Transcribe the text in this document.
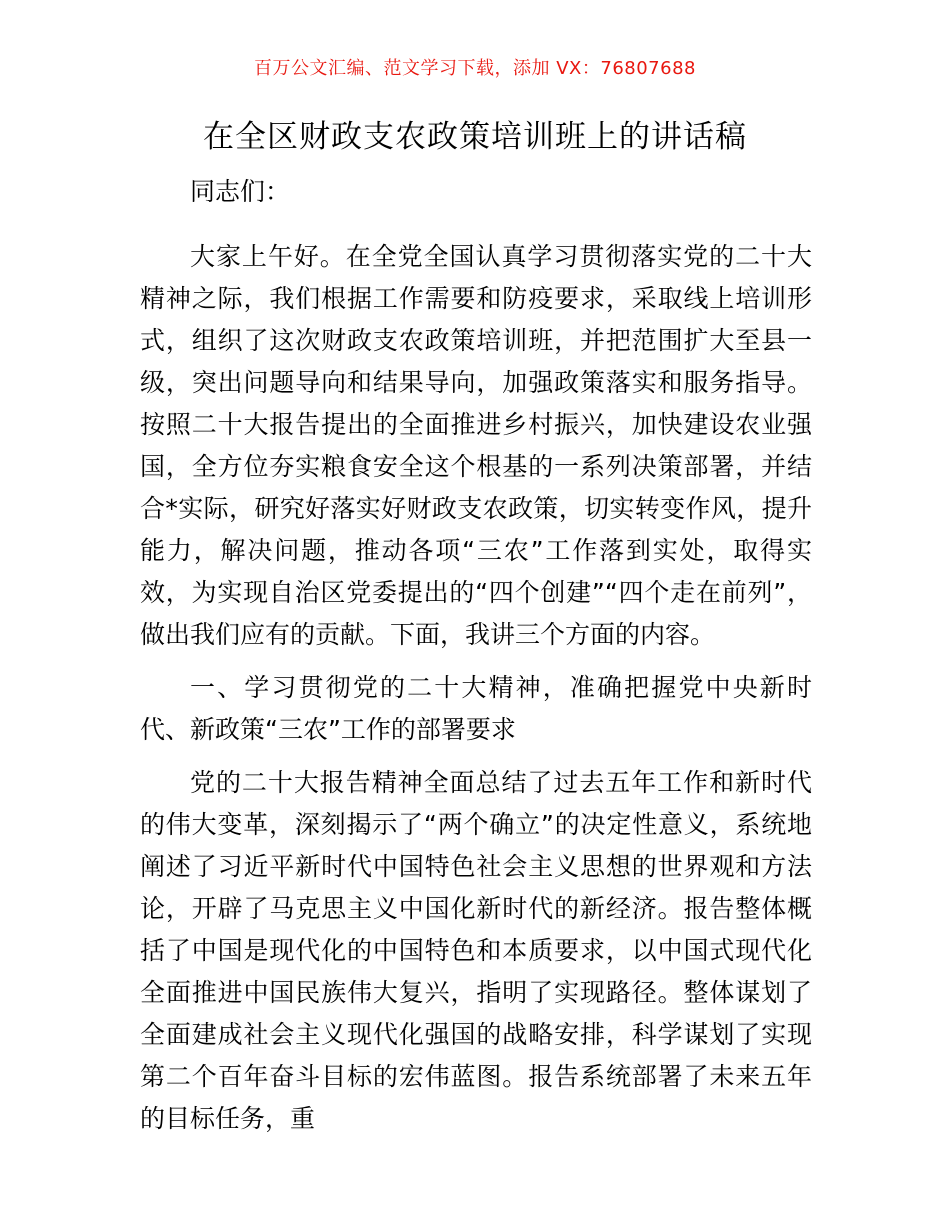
百万公文汇编、范文学习下载，添加 VX：76807688
在全区财政支农政策培训班上的讲话稿

同志们：

大家上午好。在全党全国认真学习贯彻落实党的二十大精神之际，我们根据工作需要和防疫要求，采取线上培训形式，组织了这次财政支农政策培训班，并把范围扩大至县一级，突出问题导向和结果导向，加强政策落实和服务指导。按照二十大报告提出的全面推进乡村振兴，加快建设农业强国，全方位夯实粮食安全这个根基的一系列决策部署，并结合*实际，研究好落实好财政支农政策，切实转变作风，提升能力，解决问题，推动各项“三农”工作落到实处，取得实效，为实现自治区党委提出的“四个创建”“四个走在前列”，做出我们应有的贡献。下面，我讲三个方面的内容。

一、学习贯彻党的二十大精神，准确把握党中央新时代、新政策“三农”工作的部署要求

党的二十大报告精神全面总结了过去五年工作和新时代的伟大变革，深刻揭示了“两个确立”的决定性意义，系统地阐述了习近平新时代中国特色社会主义思想的世界观和方法论，开辟了马克思主义中国化新时代的新经济。报告整体概括了中国是现代化的中国特色和本质要求，以中国式现代化全面推进中国民族伟大复兴，指明了实现路径。整体谋划了全面建成社会主义现代化强国的战略安排，科学谋划了实现第二个百年奋斗目标的宏伟蓝图。报告系统部署了未来五年的目标任务，重
